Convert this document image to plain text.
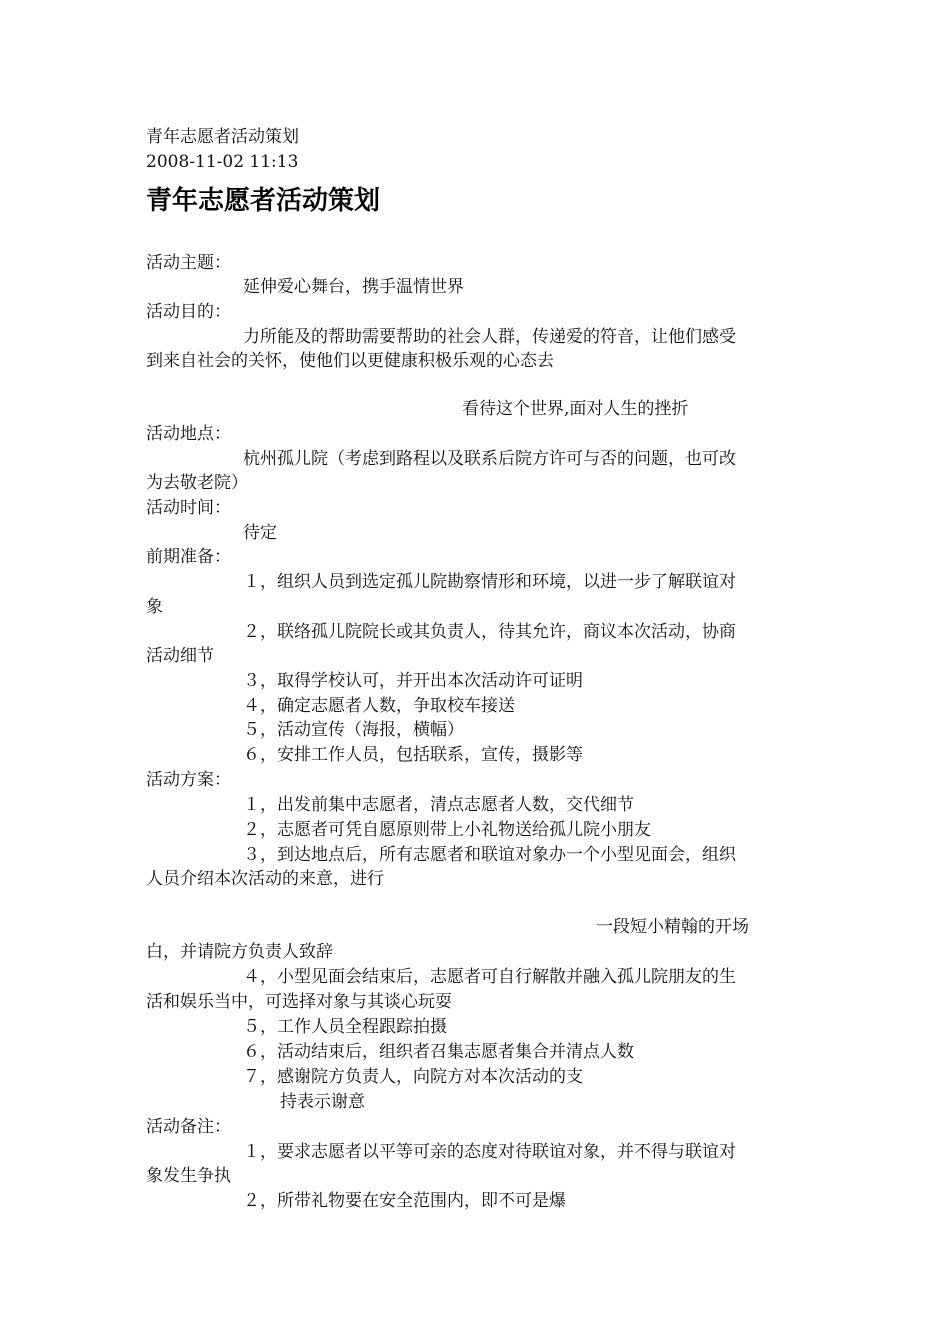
青年志愿者活动策划
2008-11-02 11:13
青年志愿者活动策划
活动主题：
延伸爱心舞台，携手温情世界
活动目的：
力所能及的帮助需要帮助的社会人群，传递爱的符音，让他们感受
到来自社会的关怀，使他们以更健康积极乐观的心态去
看待这个世界,面对人生的挫折
活动地点：
杭州孤儿院（考虑到路程以及联系后院方许可与否的问题，也可改
为去敬老院）
活动时间：
待定
前期准备：
１，组织人员到选定孤儿院勘察情形和环境，以进一步了解联谊对
象
２，联络孤儿院院长或其负责人，待其允许，商议本次活动，协商
活动细节
３，取得学校认可，并开出本次活动许可证明
４，确定志愿者人数，争取校车接送
５，活动宣传（海报，横幅）
６，安排工作人员，包括联系，宣传，摄影等
活动方案：
１，出发前集中志愿者，清点志愿者人数，交代细节
２，志愿者可凭自愿原则带上小礼物送给孤儿院小朋友
３，到达地点后，所有志愿者和联谊对象办一个小型见面会，组织
人员介绍本次活动的来意，进行
一段短小精翰的开场
白，并请院方负责人致辞
４，小型见面会结束后，志愿者可自行解散并融入孤儿院朋友的生
活和娱乐当中，可选择对象与其谈心玩耍
５，工作人员全程跟踪拍摄
６，活动结束后，组织者召集志愿者集合并清点人数
７，感谢院方负责人，向院方对本次活动的支
持表示谢意
活动备注：
１，要求志愿者以平等可亲的态度对待联谊对象，并不得与联谊对
象发生争执
２，所带礼物要在安全范围内，即不可是爆
